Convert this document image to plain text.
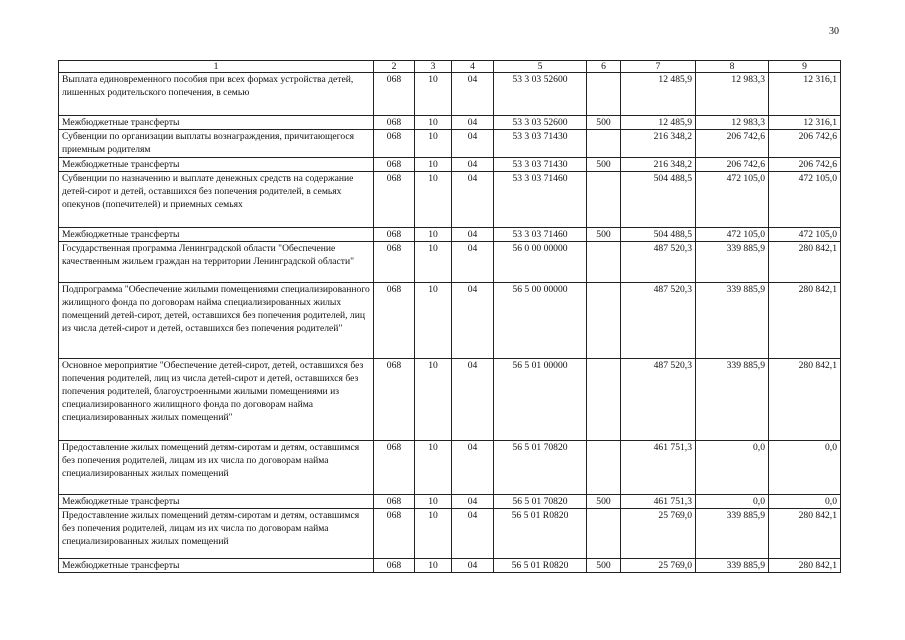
30
1	2	3	4	5	6	7	8	9
Выплата единовременного пособия при всех формах устройства детей, лишенных родительского попечения, в семью	068	10	04	53 3 03 52600		12 485,9	12 983,3	12 316,1
Межбюджетные трансферты	068	10	04	53 3 03 52600	500	12 485,9	12 983,3	12 316,1
Субвенции по организации выплаты вознаграждения, причитающегося приемным родителям	068	10	04	53 3 03 71430		216 348,2	206 742,6	206 742,6
Межбюджетные трансферты	068	10	04	53 3 03 71430	500	216 348,2	206 742,6	206 742,6
Субвенции по назначению и выплате денежных средств на содержание детей-сирот и детей, оставшихся без попечения родителей, в семьях опекунов (попечителей) и приемных семьях	068	10	04	53 3 03 71460		504 488,5	472 105,0	472 105,0
Межбюджетные трансферты	068	10	04	53 3 03 71460	500	504 488,5	472 105,0	472 105,0
Государственная программа Ленинградской области "Обеспечение качественным жильем граждан на территории Ленинградской области"	068	10	04	56 0 00 00000		487 520,3	339 885,9	280 842,1
Подпрограмма "Обеспечение жилыми помещениями специализированного жилищного фонда по договорам найма специализированных жилых помещений детей-сирот, детей, оставшихся без попечения родителей, лиц из числа детей-сирот и детей, оставшихся без попечения родителей"	068	10	04	56 5 00 00000		487 520,3	339 885,9	280 842,1
Основное мероприятие "Обеспечение детей-сирот, детей, оставшихся без попечения родителей, лиц из числа детей-сирот и детей, оставшихся без попечения родителей, благоустроенными жилыми помещениями из специализированного жилищного фонда по договорам найма специализированных жилых помещений"	068	10	04	56 5 01 00000		487 520,3	339 885,9	280 842,1
Предоставление жилых помещений детям-сиротам и детям, оставшимся без попечения родителей, лицам из их числа по договорам найма специализированных жилых помещений	068	10	04	56 5 01 70820		461 751,3	0,0	0,0
Межбюджетные трансферты	068	10	04	56 5 01 70820	500	461 751,3	0,0	0,0
Предоставление жилых помещений детям-сиротам и детям, оставшимся без попечения родителей, лицам из их числа по договорам найма специализированных жилых помещений	068	10	04	56 5 01 R0820		25 769,0	339 885,9	280 842,1
Межбюджетные трансферты	068	10	04	56 5 01 R0820	500	25 769,0	339 885,9	280 842,1
